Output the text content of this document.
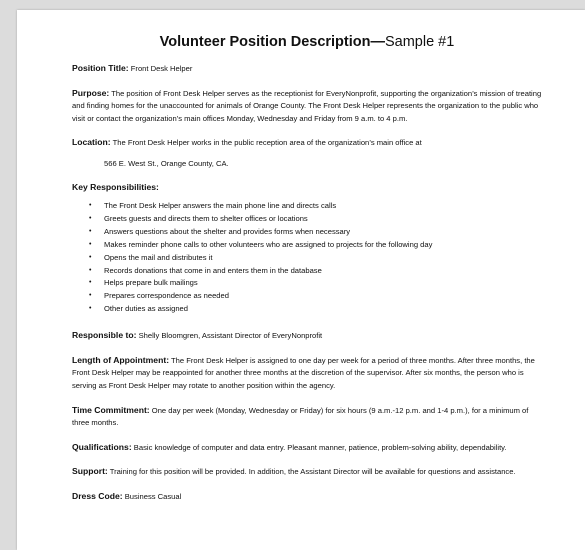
Volunteer Position Description—Sample #1
Position Title: Front Desk Helper
Purpose: The position of Front Desk Helper serves as the receptionist for EveryNonprofit, supporting the organization’s mission of treating and finding homes for the unaccounted for animals of Orange County. The Front Desk Helper represents the organization to the public who visit or contact the organization’s main offices Monday, Wednesday and Friday from 9 a.m. to 4 p.m.
Location: The Front Desk Helper works in the public reception area of the organization’s main office at
566 E. West St., Orange County, CA.
Key Responsibilities:
• The Front Desk Helper answers the main phone line and directs calls
• Greets guests and directs them to shelter offices or locations
• Answers questions about the shelter and provides forms when necessary
• Makes reminder phone calls to other volunteers who are assigned to projects for the following day
• Opens the mail and distributes it
• Records donations that come in and enters them in the database
• Helps prepare bulk mailings
• Prepares correspondence as needed
• Other duties as assigned
Responsible to: Shelly Bloomgren, Assistant Director of EveryNonprofit
Length of Appointment: The Front Desk Helper is assigned to one day per week for a period of three months. After three months, the Front Desk Helper may be reappointed for another three months at the discretion of the supervisor. After six months, the person who is serving as Front Desk Helper may rotate to another position within the agency.
Time Commitment: One day per week (Monday, Wednesday or Friday) for six hours (9 a.m.-12 p.m. and 1-4 p.m.), for a minimum of three months.
Qualifications: Basic knowledge of computer and data entry. Pleasant manner, patience, problem-solving ability, dependability.
Support: Training for this position will be provided. In addition, the Assistant Director will be available for questions and assistance.
Dress Code: Business Casual
